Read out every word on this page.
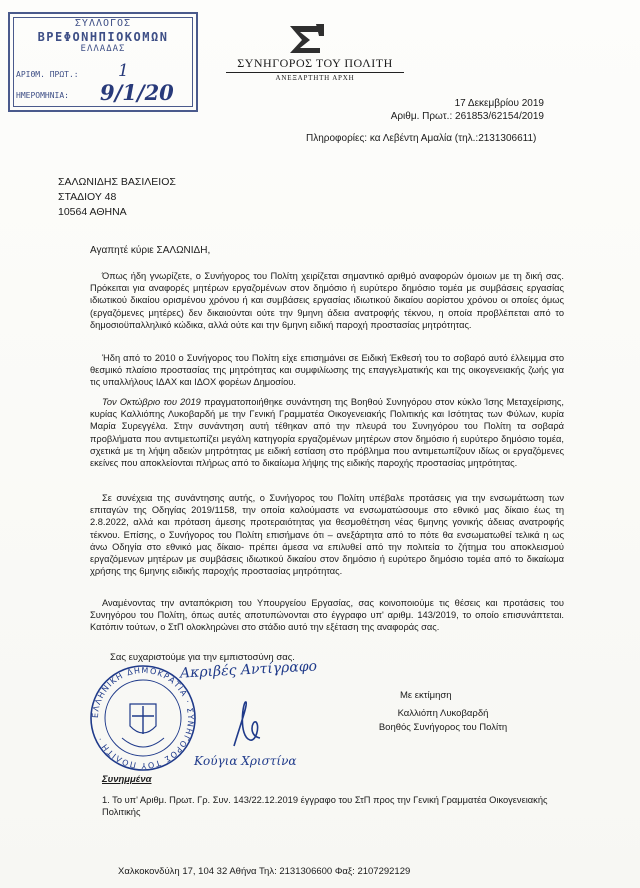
ΣΥΛΛΟΓΟΣ
ΒΡΕΦΟΝΗΠΙΟΚΟΜΩΝ
ΕΛΛΑΔΑΣ
ΑΡΙΘΜ. ΠΡΩΤ.: 1
ΗΜΕΡΟΜΗΝΙΑ: 9/1/20
ΣΥΝΗΓΟΡΟΣ ΤΟΥ ΠΟΛΙΤΗ
ΑΝΕΞΑΡΤΗΤΗ ΑΡΧΗ
17 Δεκεμβρίου 2019
Αριθμ. Πρωτ.: 261853/62154/2019
Πληροφορίες: κα Λεβέντη Αμαλία (τηλ.:2131306611)
ΣΑΛΩΝΙΔΗΣ ΒΑΣΙΛΕΙΟΣ
ΣΤΑΔΙΟΥ 48
10564 ΑΘΗΝΑ
Αγαπητέ κύριε ΣΑΛΩΝΙΔΗ,

Όπως ήδη γνωρίζετε, ο Συνήγορος του Πολίτη χειρίζεται σημαντικό αριθμό αναφορών όμοιων με τη δική σας. Πρόκειται για αναφορές μητέρων εργαζομένων στον δημόσιο ή ευρύτερο δημόσιο τομέα με συμβάσεις εργασίας ιδιωτικού δικαίου ορισμένου χρόνου ή και συμβάσεις εργασίας ιδιωτικού δικαίου αορίστου χρόνου οι οποίες όμως (εργαζόμενες μητέρες) δεν δικαιούνται ούτε την 9μηνη άδεια ανατροφής τέκνου, η οποία προβλέπεται από το δημοσιοϋπαλληλικό κώδικα, αλλά ούτε και την 6μηνη ειδική παροχή προστασίας μητρότητας.

Ήδη από το 2010 ο Συνήγορος του Πολίτη είχε επισημάνει σε Ειδική Έκθεσή του το σοβαρό αυτό έλλειμμα στο θεσμικό πλαίσιο προστασίας της μητρότητας και συμφιλίωσης της επαγγελματικής και της οικογενειακής ζωής για τις υπαλλήλους ΙΔΑΧ και ΙΔΟΧ φορέων Δημοσίου.

Τον Οκτώβριο του 2019 πραγματοποιήθηκε συνάντηση της Βοηθού Συνηγόρου στον κύκλο Ίσης Μεταχείρισης, κυρίας Καλλιόπης Λυκοβαρδή με την Γενική Γραμματέα Οικογενειακής Πολιτικής και Ισότητας των Φύλων, κυρία Μαρία Συρεγγέλα. Στην συνάντηση αυτή τέθηκαν από την πλευρά του Συνηγόρου του Πολίτη τα σοβαρά προβλήματα που αντιμετωπίζει μεγάλη κατηγορία εργαζομένων μητέρων στον δημόσιο ή ευρύτερο δημόσιο τομέα, σχετικά με τη λήψη αδειών μητρότητας με ειδική εστίαση στο πρόβλημα που αντιμετωπίζουν ιδίως οι εργαζόμενες εκείνες που αποκλείονται πλήρως από το δικαίωμα λήψης της ειδικής παροχής προστασίας μητρότητας.

Σε συνέχεια της συνάντησης αυτής, ο Συνήγορος του Πολίτη υπέβαλε προτάσεις για την ενσωμάτωση των επιταγών της Οδηγίας 2019/1158, την οποία καλούμαστε να ενσωματώσουμε στο εθνικό μας δίκαιο έως τη 2.8.2022, αλλά και πρόταση άμεσης προτεραιότητας για θεσμοθέτηση νέας 6μηνης γονικής άδειας ανατροφής τέκνου. Επίσης, ο Συνήγορος του Πολίτη επισήμανε ότι – ανεξάρτητα από το πότε θα ενσωματωθεί τελικά η ως άνω Οδηγία στο εθνικό μας δίκαιο- πρέπει άμεσα να επιλυθεί από την πολιτεία το ζήτημα του αποκλεισμού εργαζόμενων μητέρων με συμβάσεις ιδιωτικού δικαίου στον δημόσιο ή ευρύτερο δημόσιο τομέα από το δικαίωμα χρήσης της 6μηνης ειδικής παροχής προστασίας μητρότητας.

Αναμένοντας την ανταπόκριση του Υπουργείου Εργασίας, σας κοινοποιούμε τις θέσεις και προτάσεις του Συνηγόρου του Πολίτη, όπως αυτές αποτυπώνονται στο έγγραφο υπ' αριθμ. 143/2019, το οποίο επισυνάπτεται. Κατόπιν τούτων, ο ΣτΠ ολοκληρώνει στο στάδιο αυτό την εξέταση της αναφοράς σας.

Σας ευχαριστούμε για την εμπιστοσύνη σας.
ΕΛΛΗΝΙΚΗ ΔΗΜΟΚΡΑΤΙΑ · ΣΥΝΗΓΟΡΟΣ ΤΟΥ ΠΟΛΙΤΗ ·
Ακριβές Αντίγραφο
Κούγια Χριστίνα
Με εκτίμηση
Καλλιόπη Λυκοβαρδή
Βοηθός Συνήγορος του Πολίτη
Συνημμένα
1. Το υπ' Αριθμ. Πρωτ. Γρ. Συν. 143/22.12.2019 έγγραφο του ΣτΠ προς την Γενική Γραμματέα Οικογενειακής Πολιτικής
Χαλκοκονδύλη 17, 104 32 Αθήνα Τηλ: 2131306600 Φαξ: 2107292129
